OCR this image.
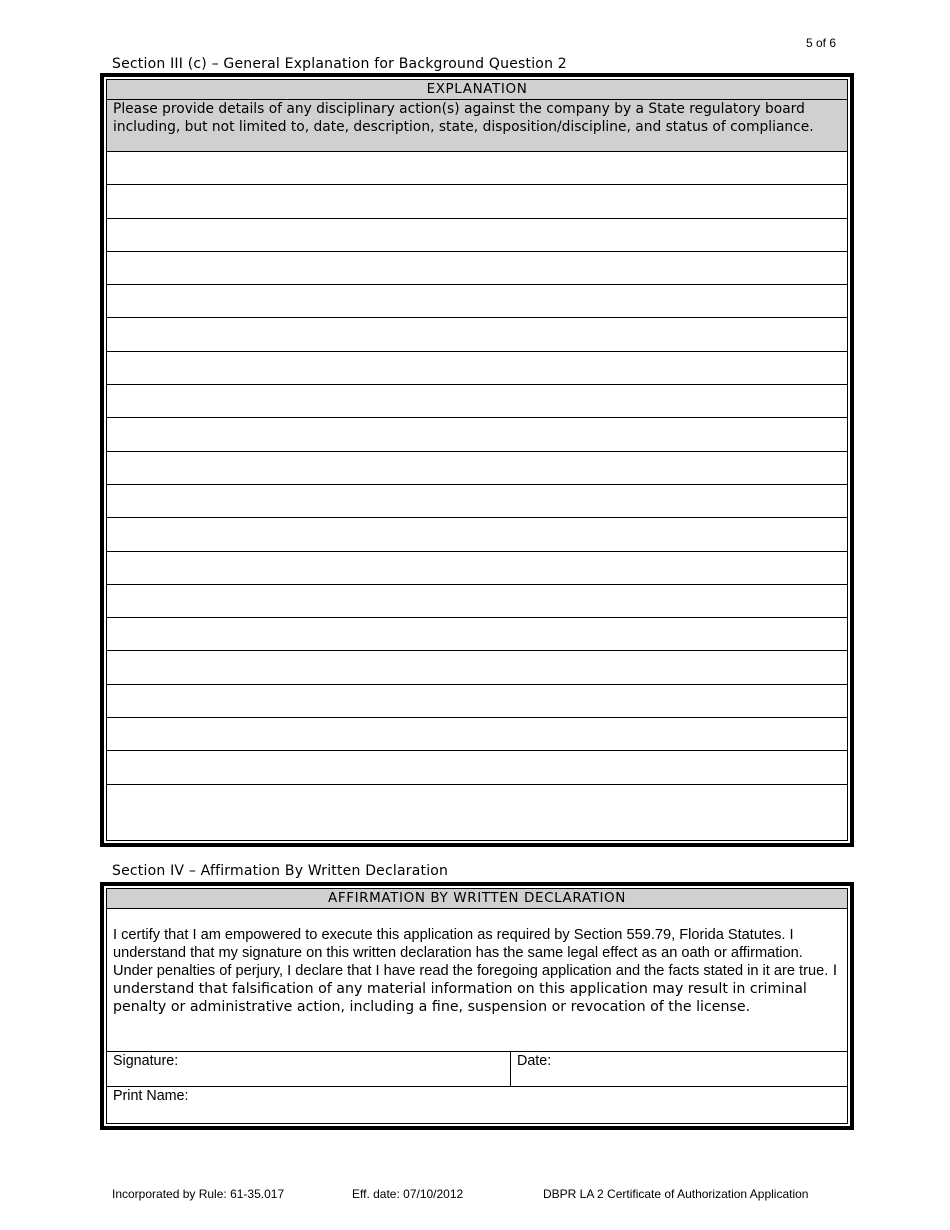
5 of 6
Section III (c) – General Explanation for Background Question 2
EXPLANATION
Please provide details of any disciplinary action(s) against the company by a State regulatory board including, but not limited to, date, description, state, disposition/discipline, and status of compliance.
Section IV – Affirmation By Written Declaration
AFFIRMATION BY WRITTEN DECLARATION
I certify that I am empowered to execute this application as required by Section 559.79, Florida Statutes. I understand that my signature on this written declaration has the same legal effect as an oath or affirmation. Under penalties of perjury, I declare that I have read the foregoing application and the facts stated in it are true. I understand that falsification of any material information on this application may result in criminal penalty or administrative action, including a fine, suspension or revocation of the license.
Signature:	Date:
Print Name:
Incorporated by Rule: 61-35.017	Eff. date: 07/10/2012	DBPR LA 2 Certificate of Authorization Application
